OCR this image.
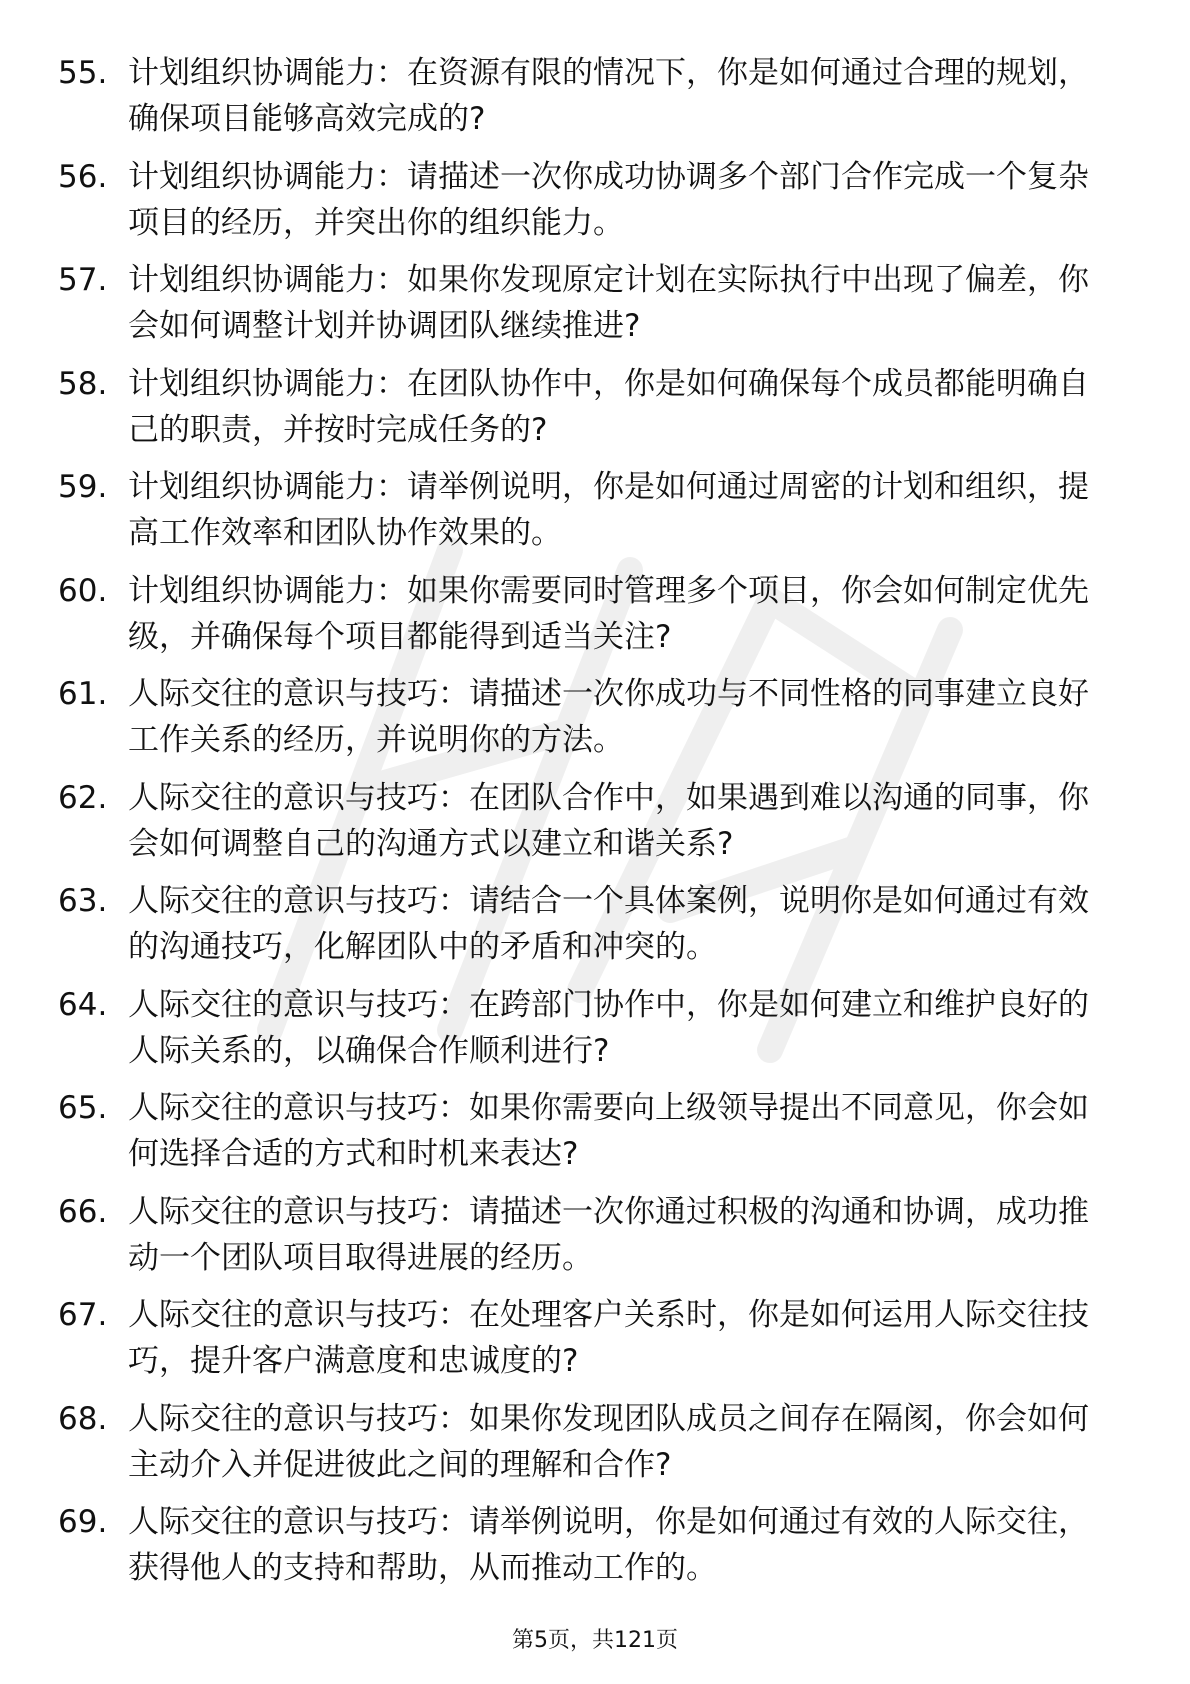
55. 计划组织协调能力：在资源有限的情况下，你是如何通过合理的规划，确保项目能够高效完成的?
56. 计划组织协调能力：请描述一次你成功协调多个部门合作完成一个复杂项目的经历，并突出你的组织能力。
57. 计划组织协调能力：如果你发现原定计划在实际执行中出现了偏差，你会如何调整计划并协调团队继续推进?
58. 计划组织协调能力：在团队协作中，你是如何确保每个成员都能明确自己的职责，并按时完成任务的?
59. 计划组织协调能力：请举例说明，你是如何通过周密的计划和组织，提高工作效率和团队协作效果的。
60. 计划组织协调能力：如果你需要同时管理多个项目，你会如何制定优先级，并确保每个项目都能得到适当关注?
61. 人际交往的意识与技巧：请描述一次你成功与不同性格的同事建立良好工作关系的经历，并说明你的方法。
62. 人际交往的意识与技巧：在团队合作中，如果遇到难以沟通的同事，你会如何调整自己的沟通方式以建立和谐关系?
63. 人际交往的意识与技巧：请结合一个具体案例，说明你是如何通过有效的沟通技巧，化解团队中的矛盾和冲突的。
64. 人际交往的意识与技巧：在跨部门协作中，你是如何建立和维护良好的人际关系的，以确保合作顺利进行?
65. 人际交往的意识与技巧：如果你需要向上级领导提出不同意见，你会如何选择合适的方式和时机来表达?
66. 人际交往的意识与技巧：请描述一次你通过积极的沟通和协调，成功推动一个团队项目取得进展的经历。
67. 人际交往的意识与技巧：在处理客户关系时，你是如何运用人际交往技巧，提升客户满意度和忠诚度的?
68. 人际交往的意识与技巧：如果你发现团队成员之间存在隔阂，你会如何主动介入并促进彼此之间的理解和合作?
69. 人际交往的意识与技巧：请举例说明，你是如何通过有效的人际交往，获得他人的支持和帮助，从而推动工作的。
第5页，共121页
